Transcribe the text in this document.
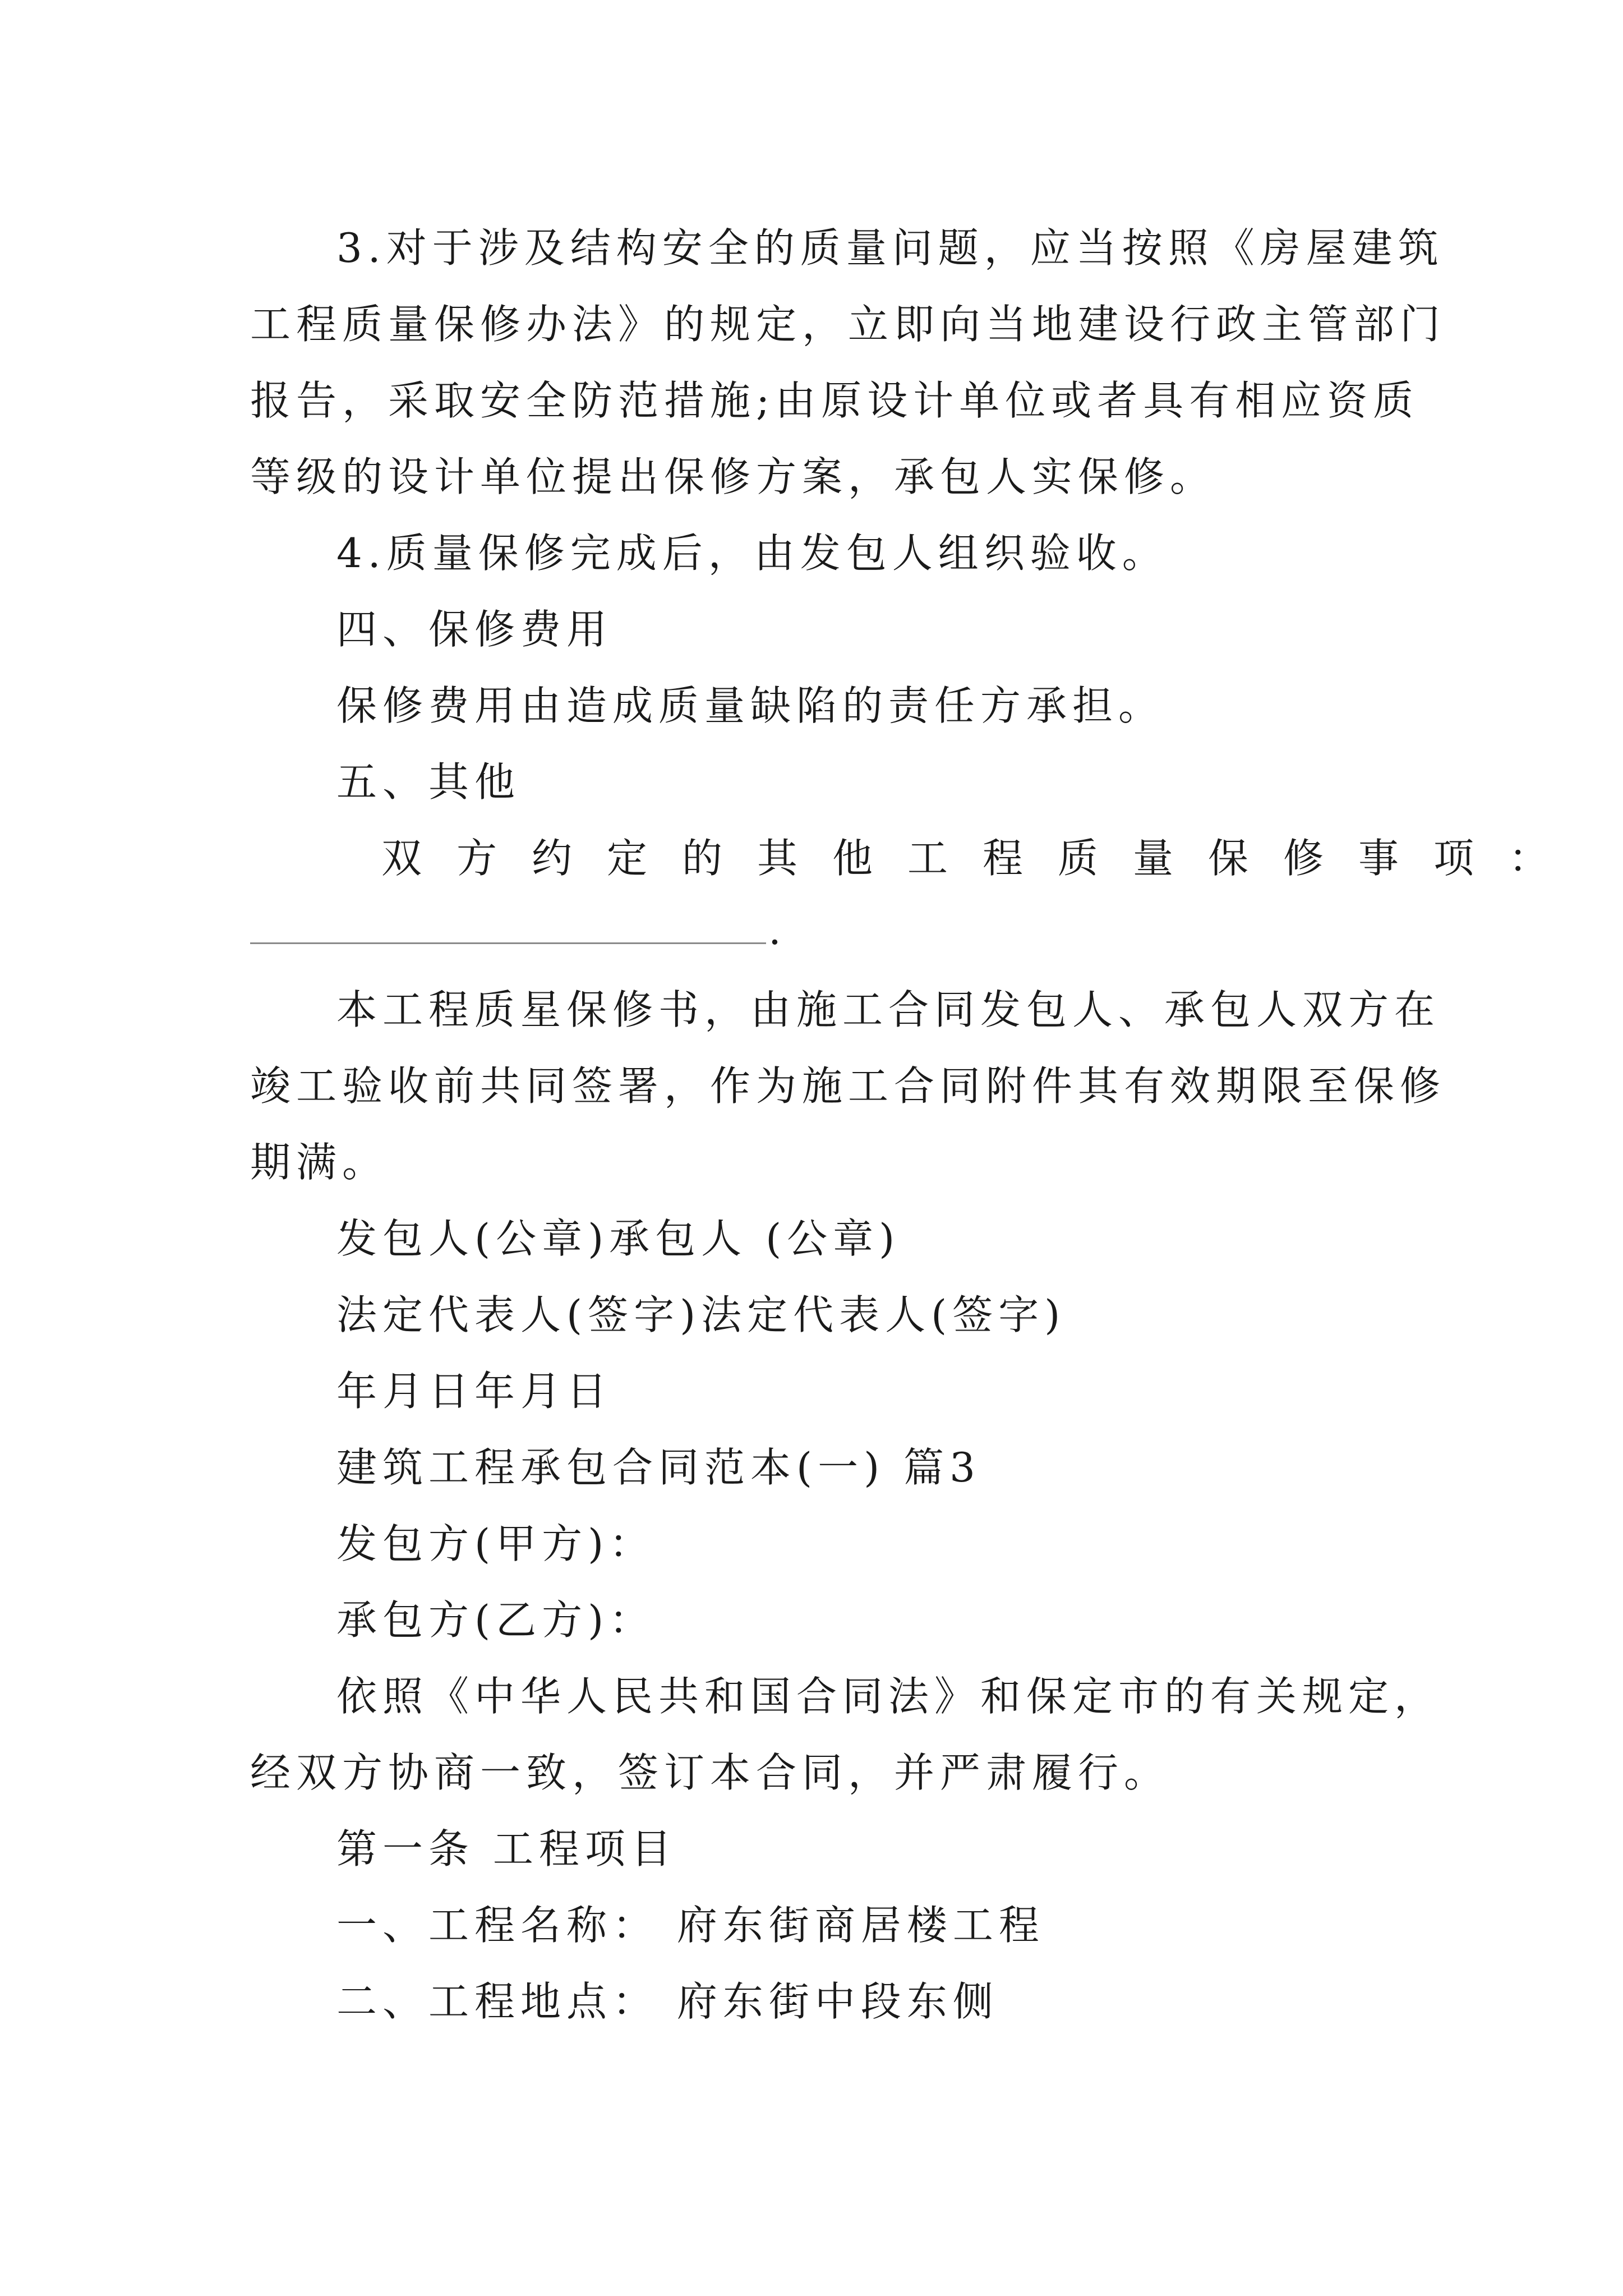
3.对于涉及结构安全的质量问题，应当按照《房屋建筑
工程质量保修办法》的规定，立即向当地建设行政主管部门
报告，采取安全防范措施;由原设计单位或者具有相应资质
等级的设计单位提出保修方案，承包人实保修。
4.质量保修完成后，由发包人组织验收。
四、保修费用
保修费用由造成质量缺陷的责任方承担。
五、其他
双方约定的其他工程质量保修事项：
.
本工程质星保修书，由施工合同发包人、承包人双方在
竣工验收前共同签署，作为施工合同附件其有效期限至保修
期满。
发包人(公章)承包人 (公章)
法定代表人(签字)法定代表人(签字)
年月日年月日
建筑工程承包合同范本(一) 篇3
发包方(甲方)：
承包方(乙方)：
依照《中华人民共和国合同法》和保定市的有关规定，
经双方协商一致，签订本合同，并严肃履行。
第一条 工程项目
一、工程名称： 府东街商居楼工程
二、工程地点： 府东街中段东侧
